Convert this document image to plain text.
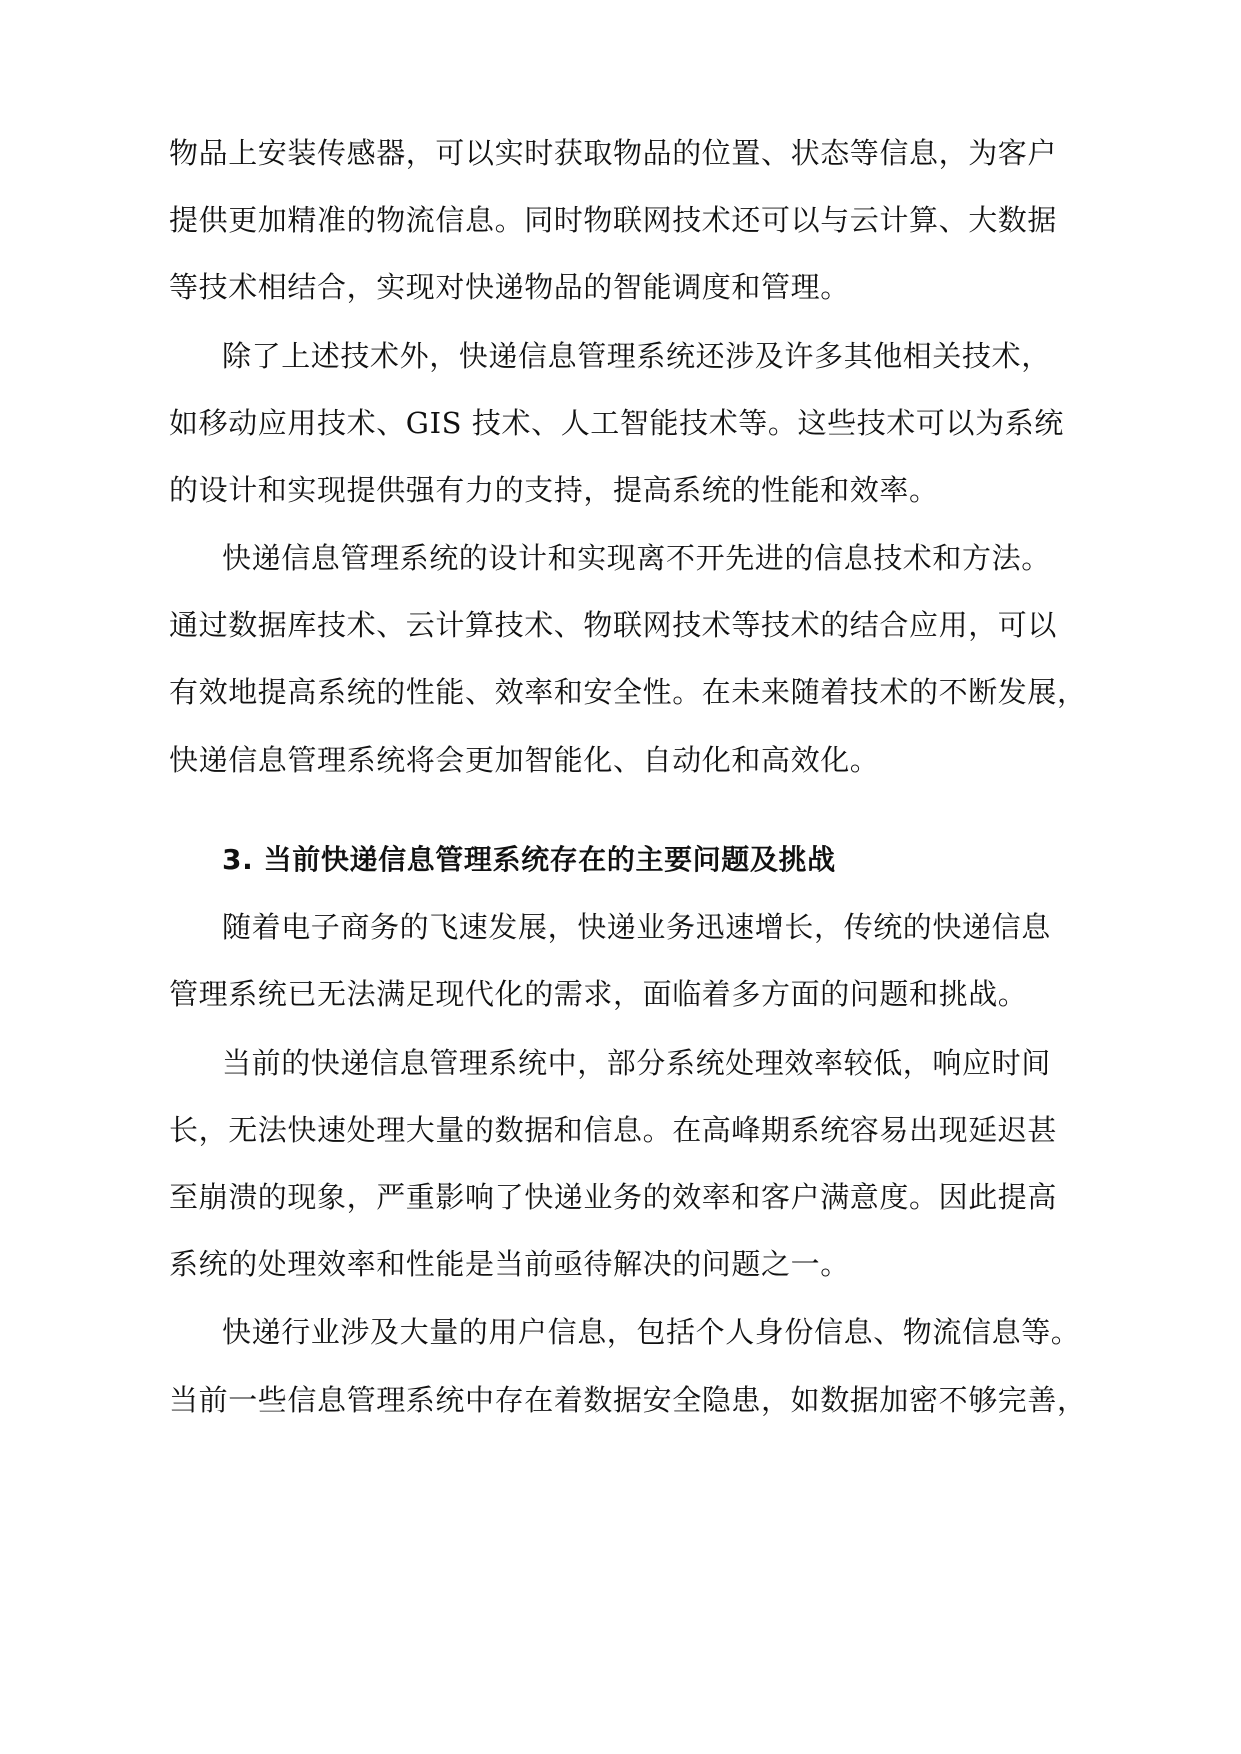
物品上安装传感器，可以实时获取物品的位置、状态等信息，为客户
提供更加精准的物流信息。同时物联网技术还可以与云计算、大数据
等技术相结合，实现对快递物品的智能调度和管理。
除了上述技术外，快递信息管理系统还涉及许多其他相关技术，
如移动应用技术、GIS 技术、人工智能技术等。这些技术可以为系统
的设计和实现提供强有力的支持，提高系统的性能和效率。
快递信息管理系统的设计和实现离不开先进的信息技术和方法。
通过数据库技术、云计算技术、物联网技术等技术的结合应用，可以
有效地提高系统的性能、效率和安全性。在未来随着技术的不断发展，
快递信息管理系统将会更加智能化、自动化和高效化。
3. 当前快递信息管理系统存在的主要问题及挑战
随着电子商务的飞速发展，快递业务迅速增长，传统的快递信息
管理系统已无法满足现代化的需求，面临着多方面的问题和挑战。
当前的快递信息管理系统中，部分系统处理效率较低，响应时间
长，无法快速处理大量的数据和信息。在高峰期系统容易出现延迟甚
至崩溃的现象，严重影响了快递业务的效率和客户满意度。因此提高
系统的处理效率和性能是当前亟待解决的问题之一。
快递行业涉及大量的用户信息，包括个人身份信息、物流信息等。
当前一些信息管理系统中存在着数据安全隐患，如数据加密不够完善，
